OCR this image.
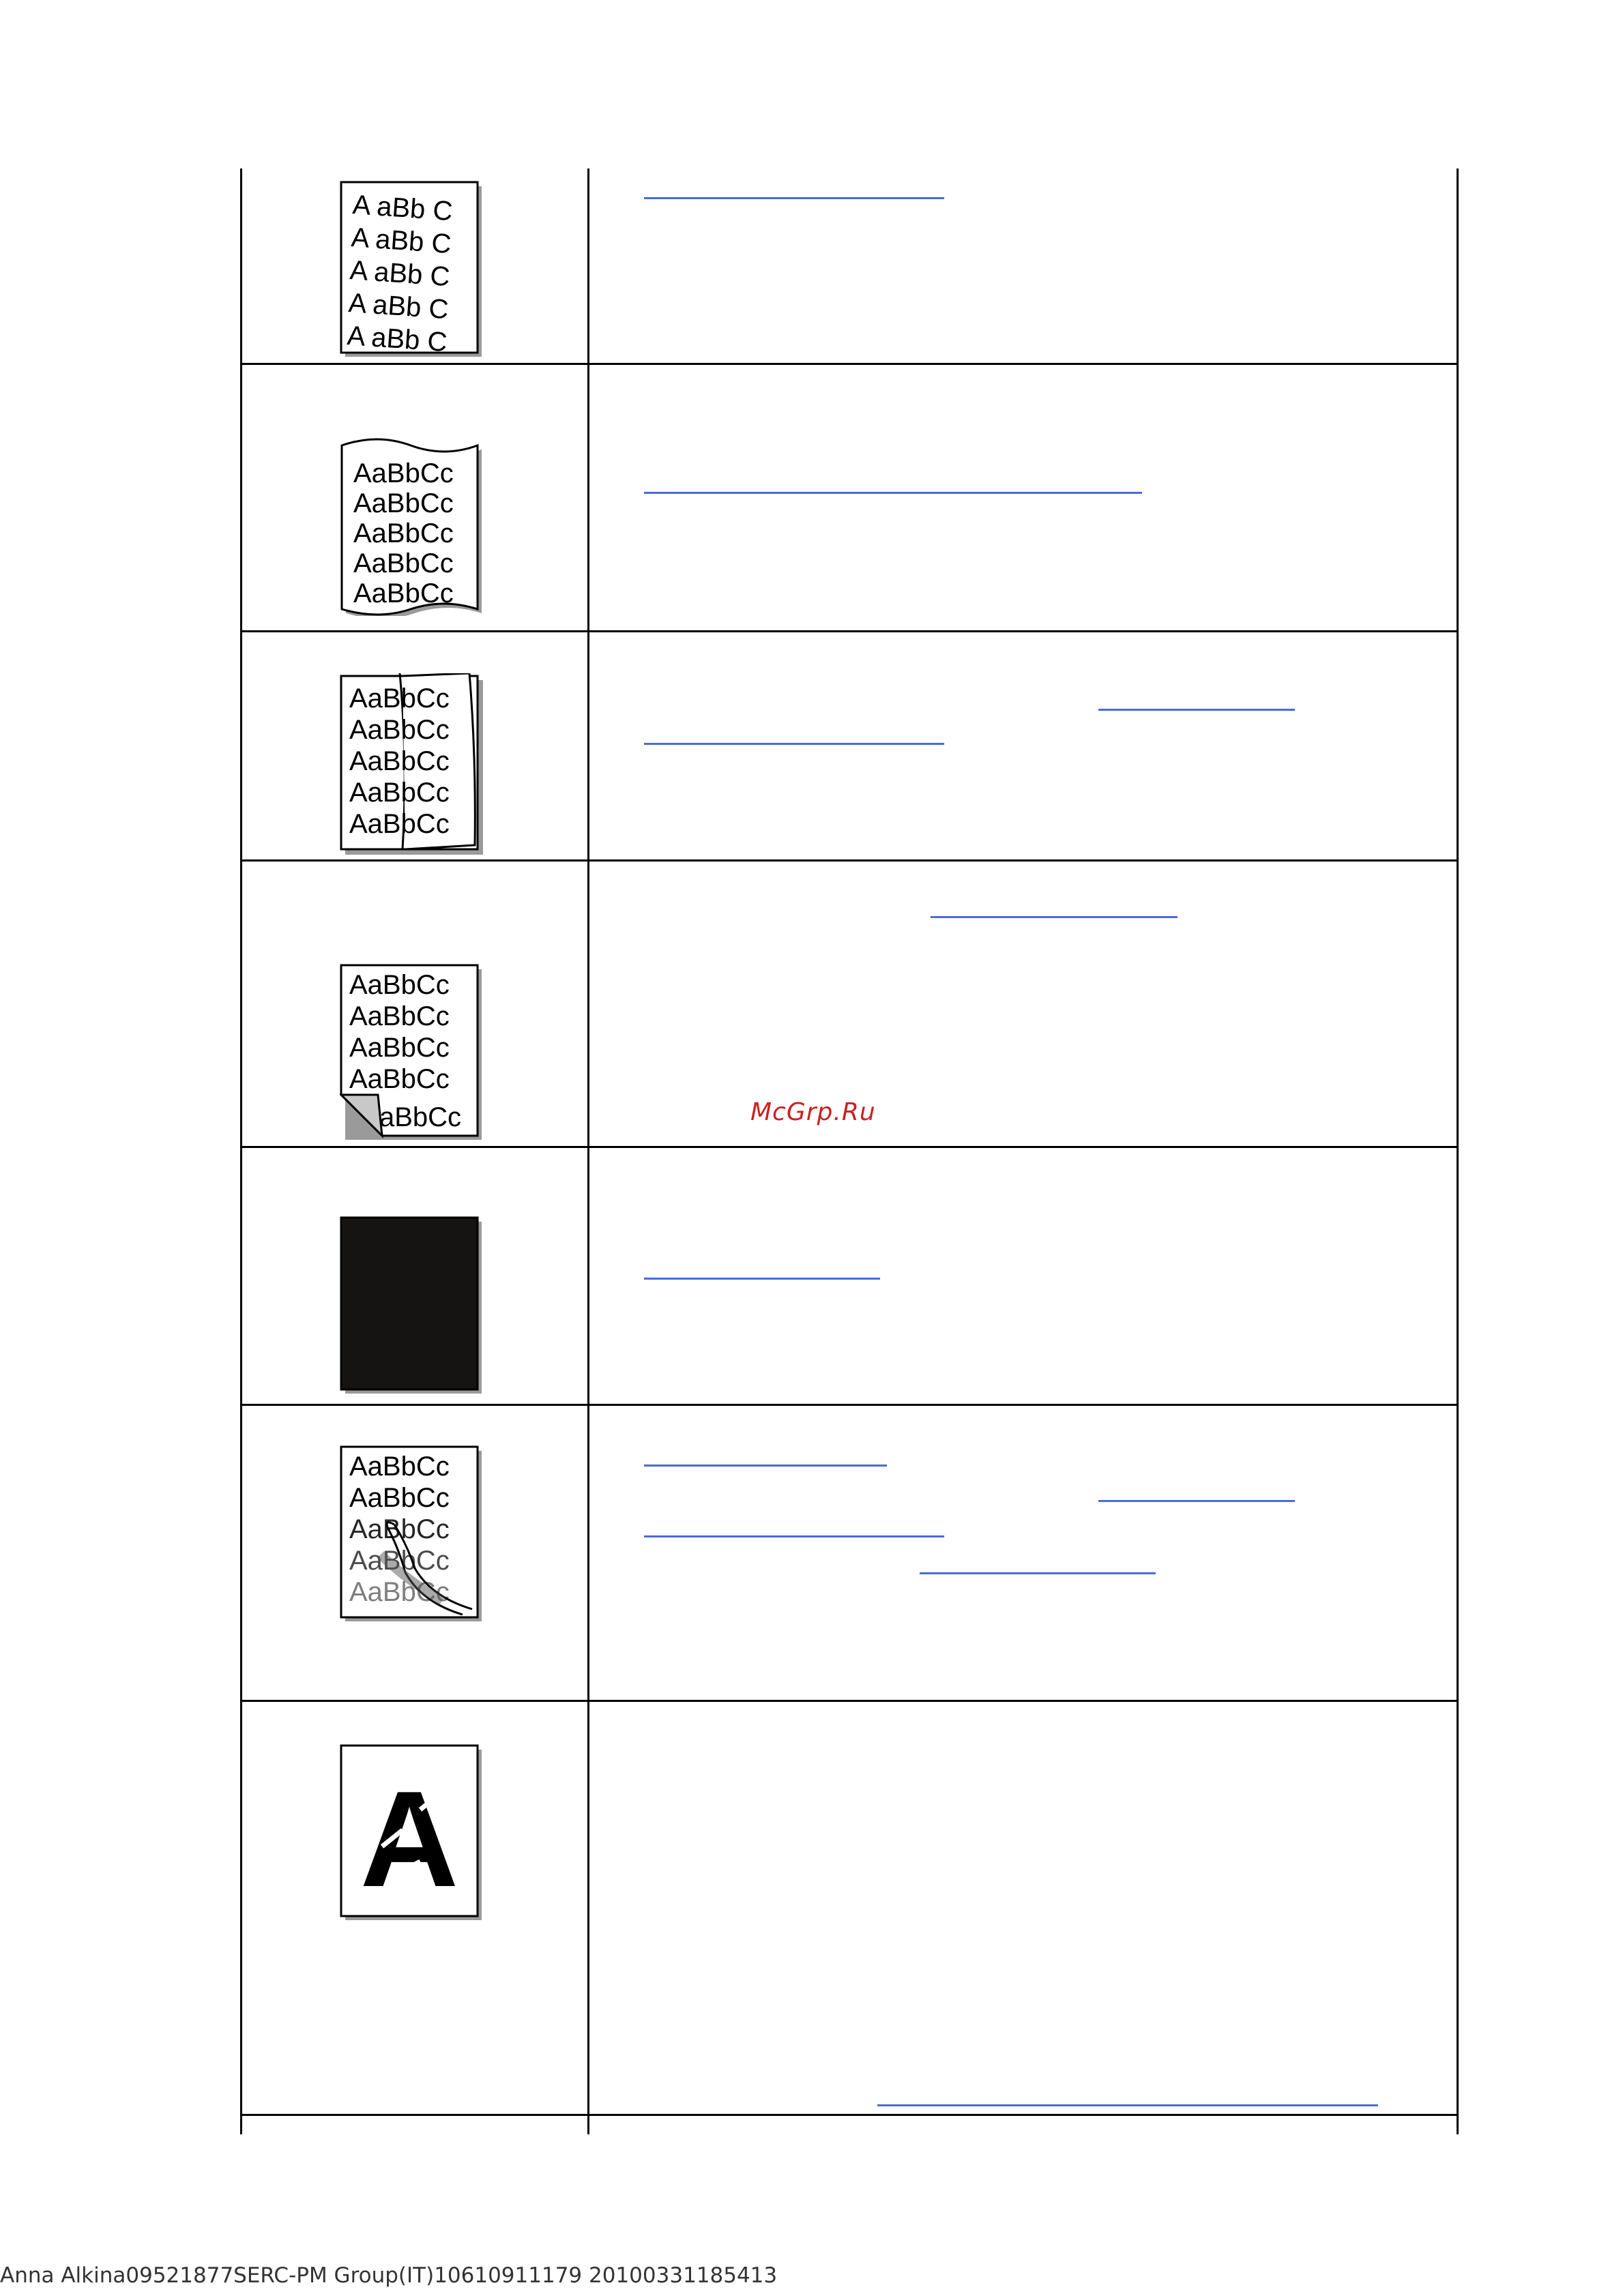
A aBb C
A aBb C
A aBb C
A aBb C
A aBb C
AaBbCc
AaBbCc
AaBbCc
AaBbCc
AaBbCc
AaBbCc
AaBbCc
AaBbCc
AaBbCc
AaBbCc
AaBbCc
AaBbCc
AaBbCc
AaBbCc
aBbCc
AaBbCc
AaBbCc
AaBbCc
AaBbCc
AaBbCc
A
McGrp.Ru
Anna Alkina09521877SERC-PM Group(IT)10610911179 20100331185413
